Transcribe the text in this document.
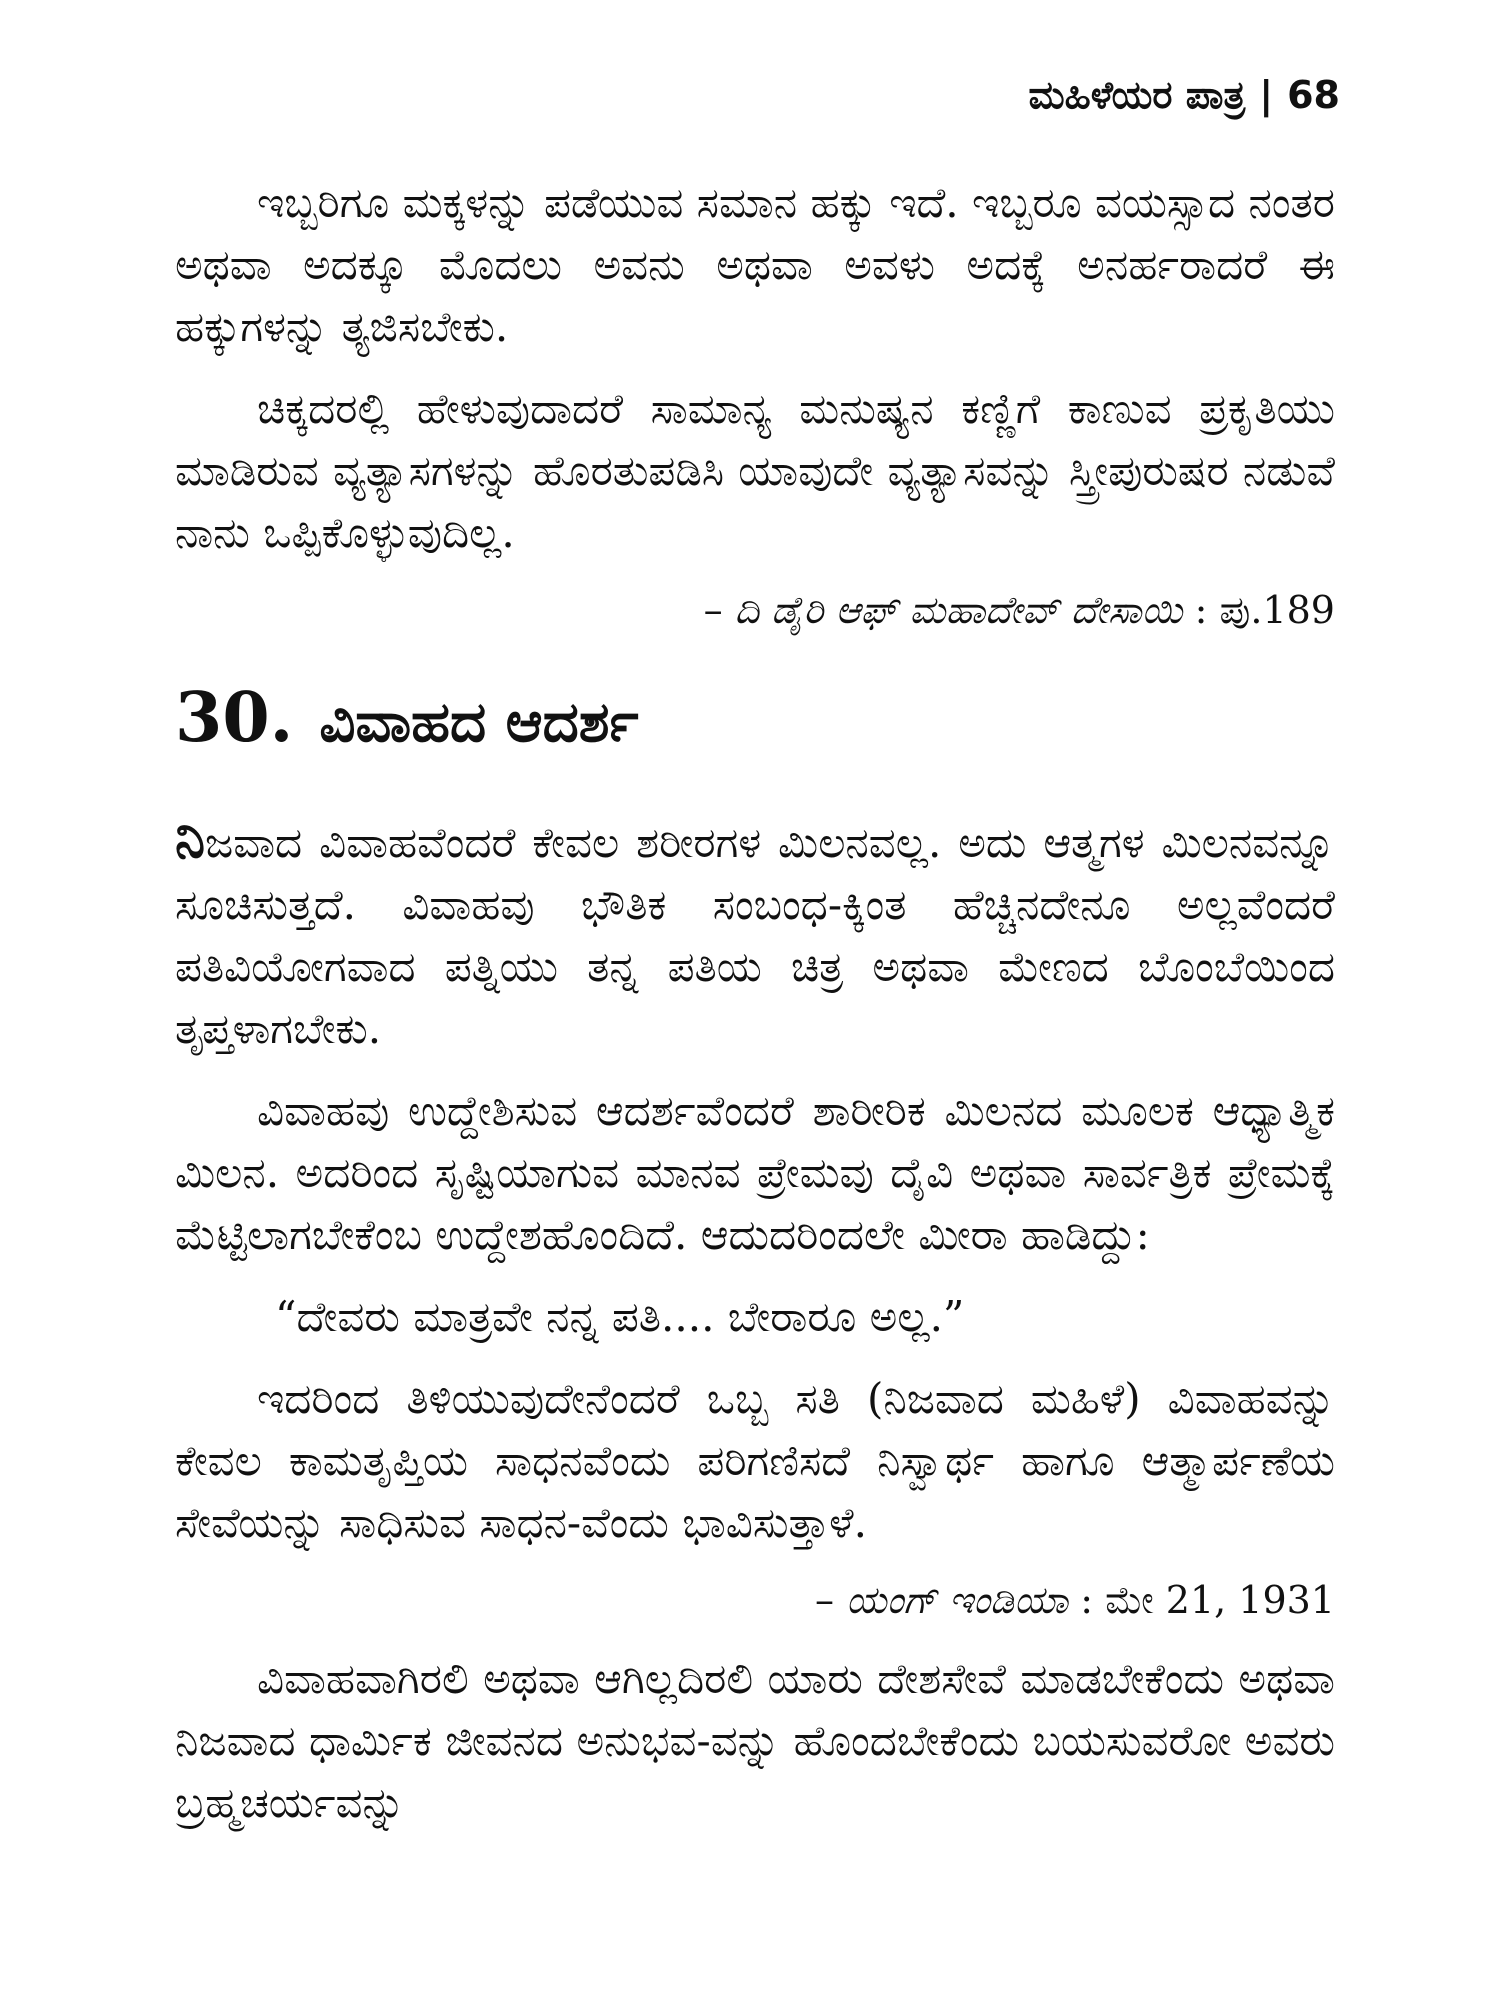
ಮಹಿಳೆಯರ ಪಾತ್ರ | 68

ಇಬ್ಬರಿಗೂ ಮಕ್ಕಳನ್ನು ಪಡೆಯುವ ಸಮಾನ ಹಕ್ಕು ಇದೆ. ಇಬ್ಬರೂ ವಯಸ್ಸಾದ ನಂತರ ಅಥವಾ ಅದಕ್ಕೂ ಮೊದಲು ಅವನು ಅಥವಾ ಅವಳು ಅದಕ್ಕೆ ಅನರ್ಹರಾದರೆ ಈ ಹಕ್ಕುಗಳನ್ನು ತ್ಯಜಿಸಬೇಕು.

ಚಿಕ್ಕದರಲ್ಲಿ ಹೇಳುವುದಾದರೆ ಸಾಮಾನ್ಯ ಮನುಷ್ಯನ ಕಣ್ಣಿಗೆ ಕಾಣುವ ಪ್ರಕೃತಿಯು ಮಾಡಿರುವ ವ್ಯತ್ಯಾಸಗಳನ್ನು ಹೊರತುಪಡಿಸಿ ಯಾವುದೇ ವ್ಯತ್ಯಾಸವನ್ನು ಸ್ತ್ರೀಪುರುಷರ ನಡುವೆ ನಾನು ಒಪ್ಪಿಕೊಳ್ಳುವುದಿಲ್ಲ.

– ದಿ ಡೈರಿ ಆಫ್ ಮಹಾದೇವ್ ದೇಸಾಯಿ : ಪು.189
30. ವಿವಾಹದ ಆದರ್ಶ

ನಿಜವಾದ ವಿವಾಹವೆಂದರೆ ಕೇವಲ ಶರೀರಗಳ ಮಿಲನವಲ್ಲ. ಅದು ಆತ್ಮಗಳ ಮಿಲನವನ್ನೂ ಸೂಚಿಸುತ್ತದೆ. ವಿವಾಹವು ಭೌತಿಕ ಸಂಬಂಧ-ಕ್ಕಿಂತ ಹೆಚ್ಚಿನದೇನೂ ಅಲ್ಲವೆಂದರೆ ಪತಿವಿಯೋಗವಾದ ಪತ್ನಿಯು ತನ್ನ ಪತಿಯ ಚಿತ್ರ ಅಥವಾ ಮೇಣದ ಬೊಂಬೆಯಿಂದ ತೃಪ್ತಳಾಗಬೇಕು.

ವಿವಾಹವು ಉದ್ದೇಶಿಸುವ ಆದರ್ಶವೆಂದರೆ ಶಾರೀರಿಕ ಮಿಲನದ ಮೂಲಕ ಆಧ್ಯಾತ್ಮಿಕ ಮಿಲನ. ಅದರಿಂದ ಸೃಷ್ಟಿಯಾಗುವ ಮಾನವ ಪ್ರೇಮವು ದೈವಿ ಅಥವಾ ಸಾರ್ವತ್ರಿಕ ಪ್ರೇಮಕ್ಕೆ ಮೆಟ್ಟಿಲಾಗಬೇಕೆಂಬ ಉದ್ದೇಶಹೊಂದಿದೆ. ಆದುದರಿಂದಲೇ ಮೀರಾ ಹಾಡಿದ್ದು:

“ದೇವರು ಮಾತ್ರವೇ ನನ್ನ ಪತಿ.... ಬೇರಾರೂ ಅಲ್ಲ.”

ಇದರಿಂದ ತಿಳಿಯುವುದೇನೆಂದರೆ ಒಬ್ಬ ಸತಿ (ನಿಜವಾದ ಮಹಿಳೆ) ವಿವಾಹವನ್ನು ಕೇವಲ ಕಾಮತೃಪ್ತಿಯ ಸಾಧನವೆಂದು ಪರಿಗಣಿಸದೆ ನಿಸ್ವಾರ್ಥ ಹಾಗೂ ಆತ್ಮಾರ್ಪಣೆಯ ಸೇವೆಯನ್ನು ಸಾಧಿಸುವ ಸಾಧನ-ವೆಂದು ಭಾವಿಸುತ್ತಾಳೆ.

– ಯಂಗ್ ಇಂಡಿಯಾ : ಮೇ 21, 1931

ವಿವಾಹವಾಗಿರಲಿ ಅಥವಾ ಆಗಿಲ್ಲದಿರಲಿ ಯಾರು ದೇಶಸೇವೆ ಮಾಡಬೇಕೆಂದು ಅಥವಾ ನಿಜವಾದ ಧಾರ್ಮಿಕ ಜೀವನದ ಅನುಭವ-ವನ್ನು ಹೊಂದಬೇಕೆಂದು ಬಯಸುವರೋ ಅವರು ಬ್ರಹ್ಮಚರ್ಯವನ್ನು
